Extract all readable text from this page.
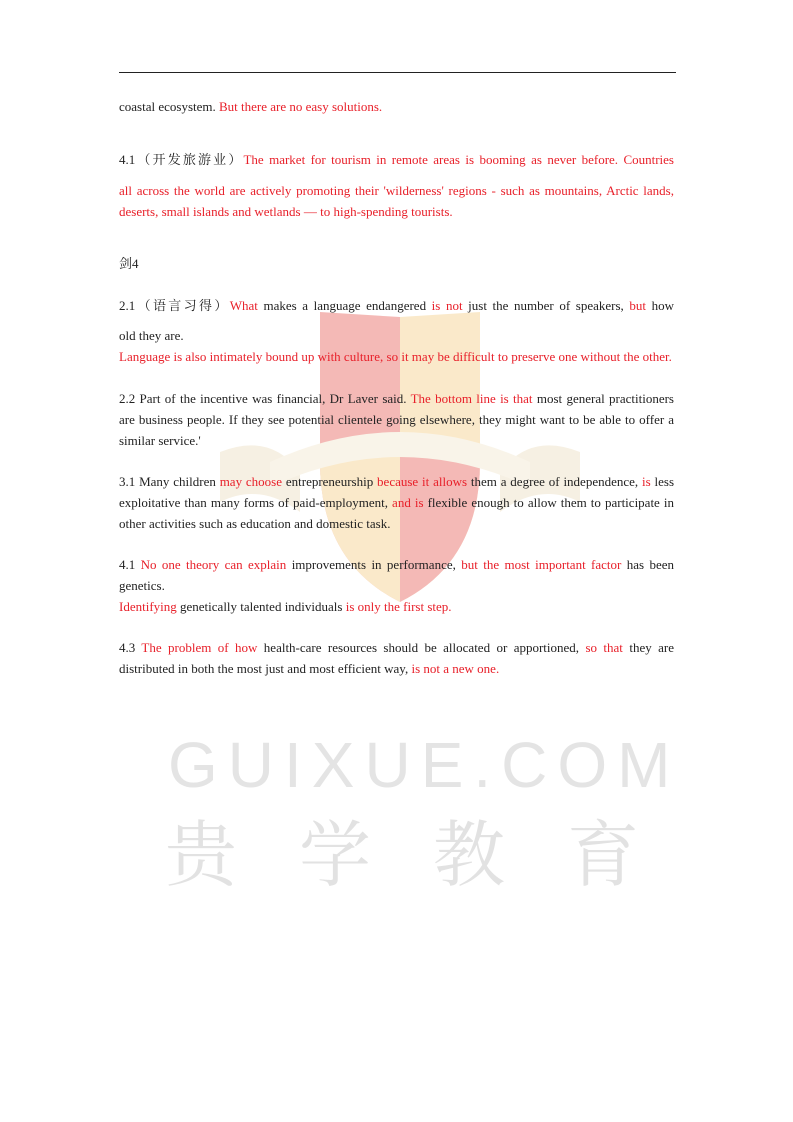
GUIXUE.COM
贵学教育
coastal ecosystem. But there are no easy solutions.
4.1（开发旅游业）The market for tourism in remote areas is booming as never before. Countries
all across the world are actively promoting their 'wilderness' regions - such as mountains, Arctic lands, deserts, small islands and wetlands — to high-spending tourists.
剑4
2.1（语言习得）What makes a language endangered is not just the number of speakers, but how
old they are.
Language is also intimately bound up with culture, so it may be difficult to preserve one without the other.
2.2 Part of the incentive was financial, Dr Laver said. The bottom line is that most general practitioners are business people. If they see potential clientele going elsewhere, they might want to be able to offer a similar service.'
3.1 Many children may choose entrepreneurship because it allows them a degree of independence, is less exploitative than many forms of paid-employment, and is flexible enough to allow them to participate in other activities such as education and domestic task.
4.1 No one theory can explain improvements in performance, but the most important factor has been genetics.
Identifying genetically talented individuals is only the first step.
4.3 The problem of how health-care resources should be allocated or apportioned, so that they are distributed in both the most just and most efficient way, is not a new one.
